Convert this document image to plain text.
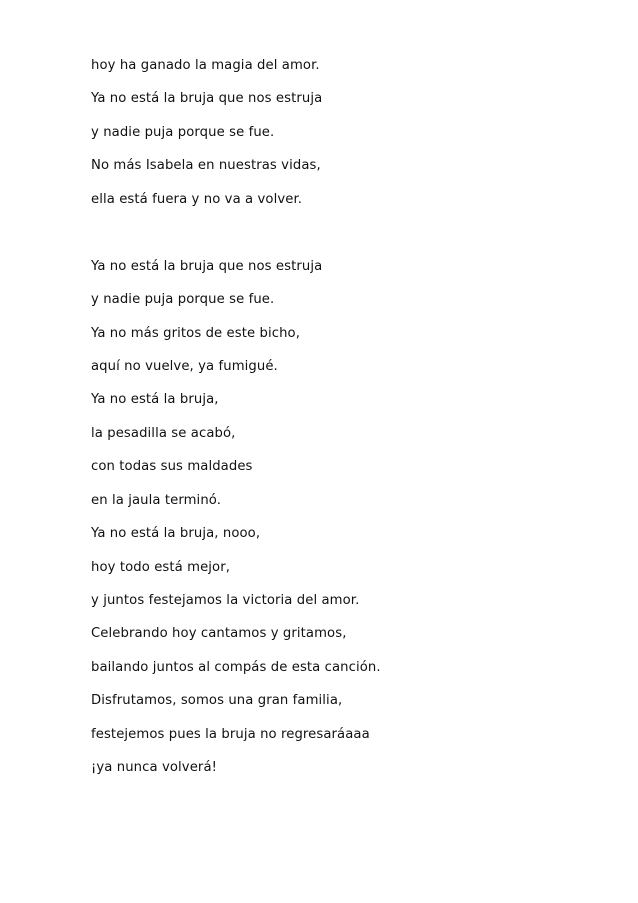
hoy ha ganado la magia del amor.

Ya no está la bruja que nos estruja

y nadie puja porque se fue.

No más Isabela en nuestras vidas,

ella está fuera y no va a volver.

Ya no está la bruja que nos estruja

y nadie puja porque se fue.

Ya no más gritos de este bicho,

aquí no vuelve, ya fumigué.

Ya no está la bruja,

la pesadilla se acabó,

con todas sus maldades

en la jaula terminó.

Ya no está la bruja, nooo,

hoy todo está mejor,

y juntos festejamos la victoria del amor.

Celebrando hoy cantamos y gritamos,

bailando juntos al compás de esta canción.

Disfrutamos, somos una gran familia,

festejemos pues la bruja no regresaráaaa

¡ya nunca volverá!
